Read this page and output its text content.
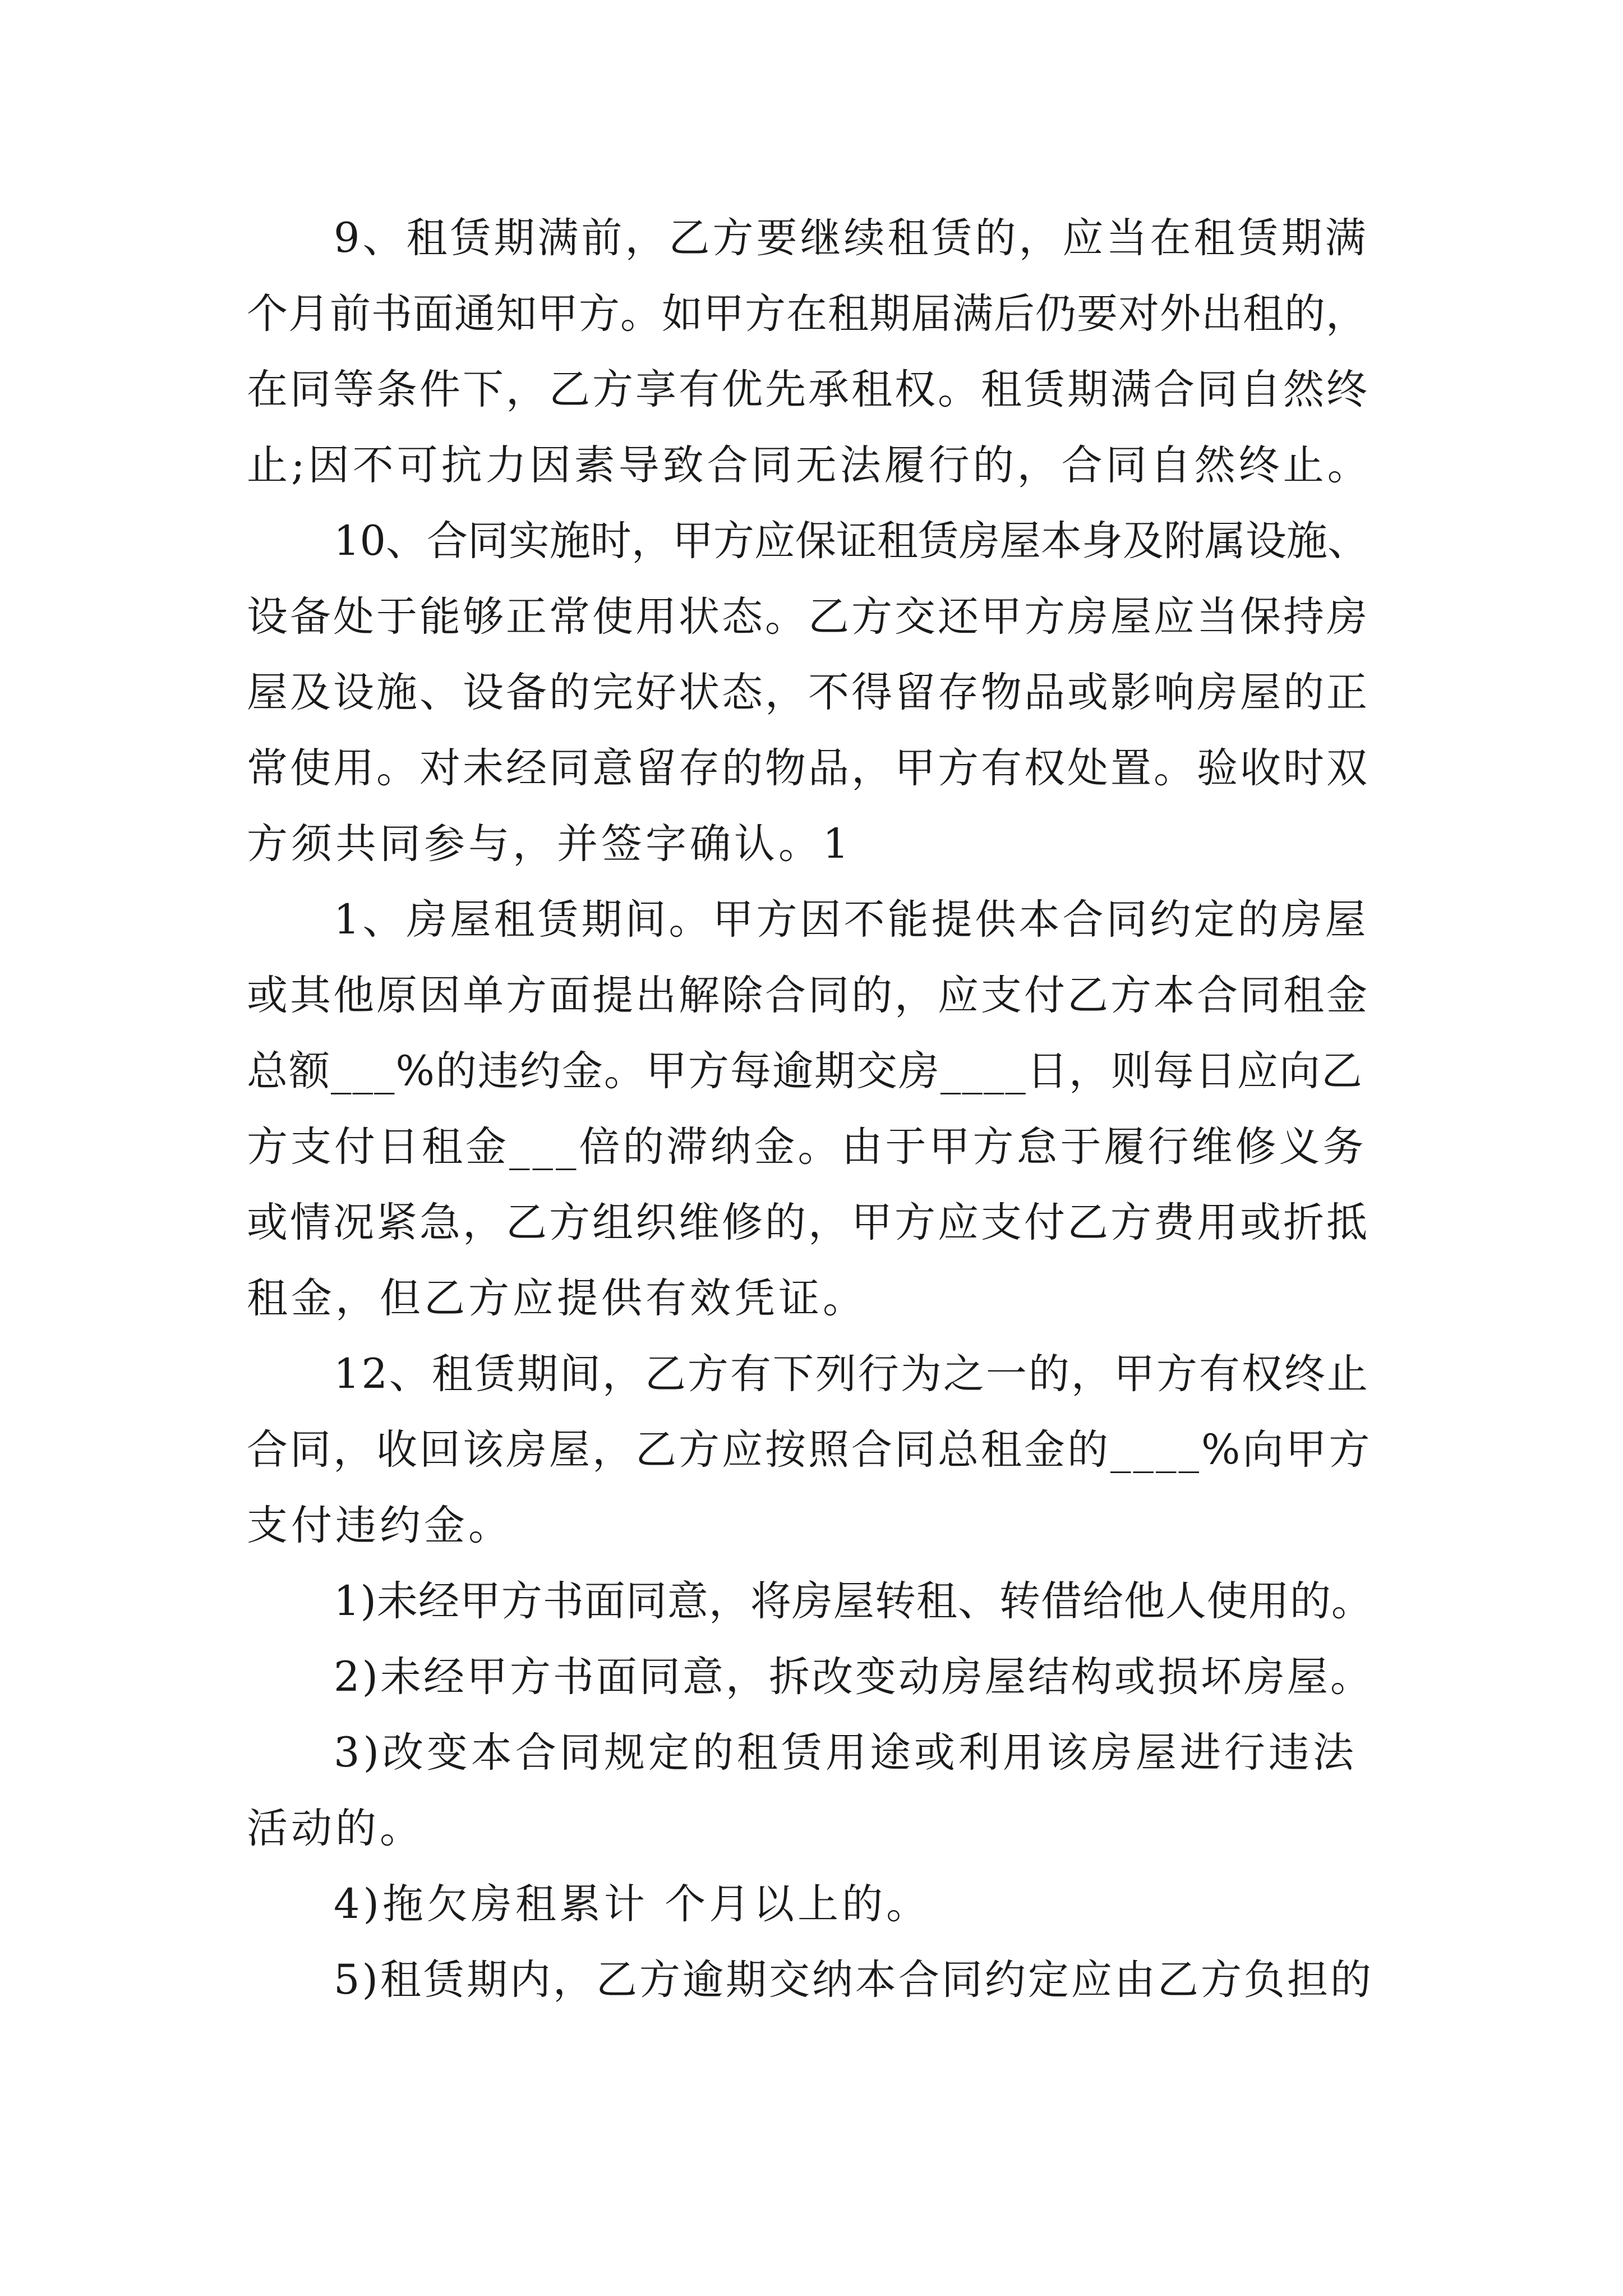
9、租赁期满前，乙方要继续租赁的，应当在租赁期满
个月前书面通知甲方。如甲方在租期届满后仍要对外出租的，
在同等条件下，乙方享有优先承租权。租赁期满合同自然终
止;因不可抗力因素导致合同无法履行的，合同自然终止。
10、合同实施时，甲方应保证租赁房屋本身及附属设施、
设备处于能够正常使用状态。乙方交还甲方房屋应当保持房
屋及设施、设备的完好状态，不得留存物品或影响房屋的正
常使用。对未经同意留存的物品，甲方有权处置。验收时双
方须共同参与，并签字确认。1
1、房屋租赁期间。甲方因不能提供本合同约定的房屋
或其他原因单方面提出解除合同的，应支付乙方本合同租金
总额___%的违约金。甲方每逾期交房____日，则每日应向乙
方支付日租金___倍的滞纳金。由于甲方怠于履行维修义务
或情况紧急，乙方组织维修的，甲方应支付乙方费用或折抵
租金，但乙方应提供有效凭证。
12、租赁期间，乙方有下列行为之一的，甲方有权终止
合同，收回该房屋，乙方应按照合同总租金的____%向甲方
支付违约金。
1)未经甲方书面同意，将房屋转租、转借给他人使用的。
2)未经甲方书面同意，拆改变动房屋结构或损坏房屋。
3)改变本合同规定的租赁用途或利用该房屋进行违法
活动的。
4)拖欠房租累计 个月以上的。
5)租赁期内，乙方逾期交纳本合同约定应由乙方负担的
